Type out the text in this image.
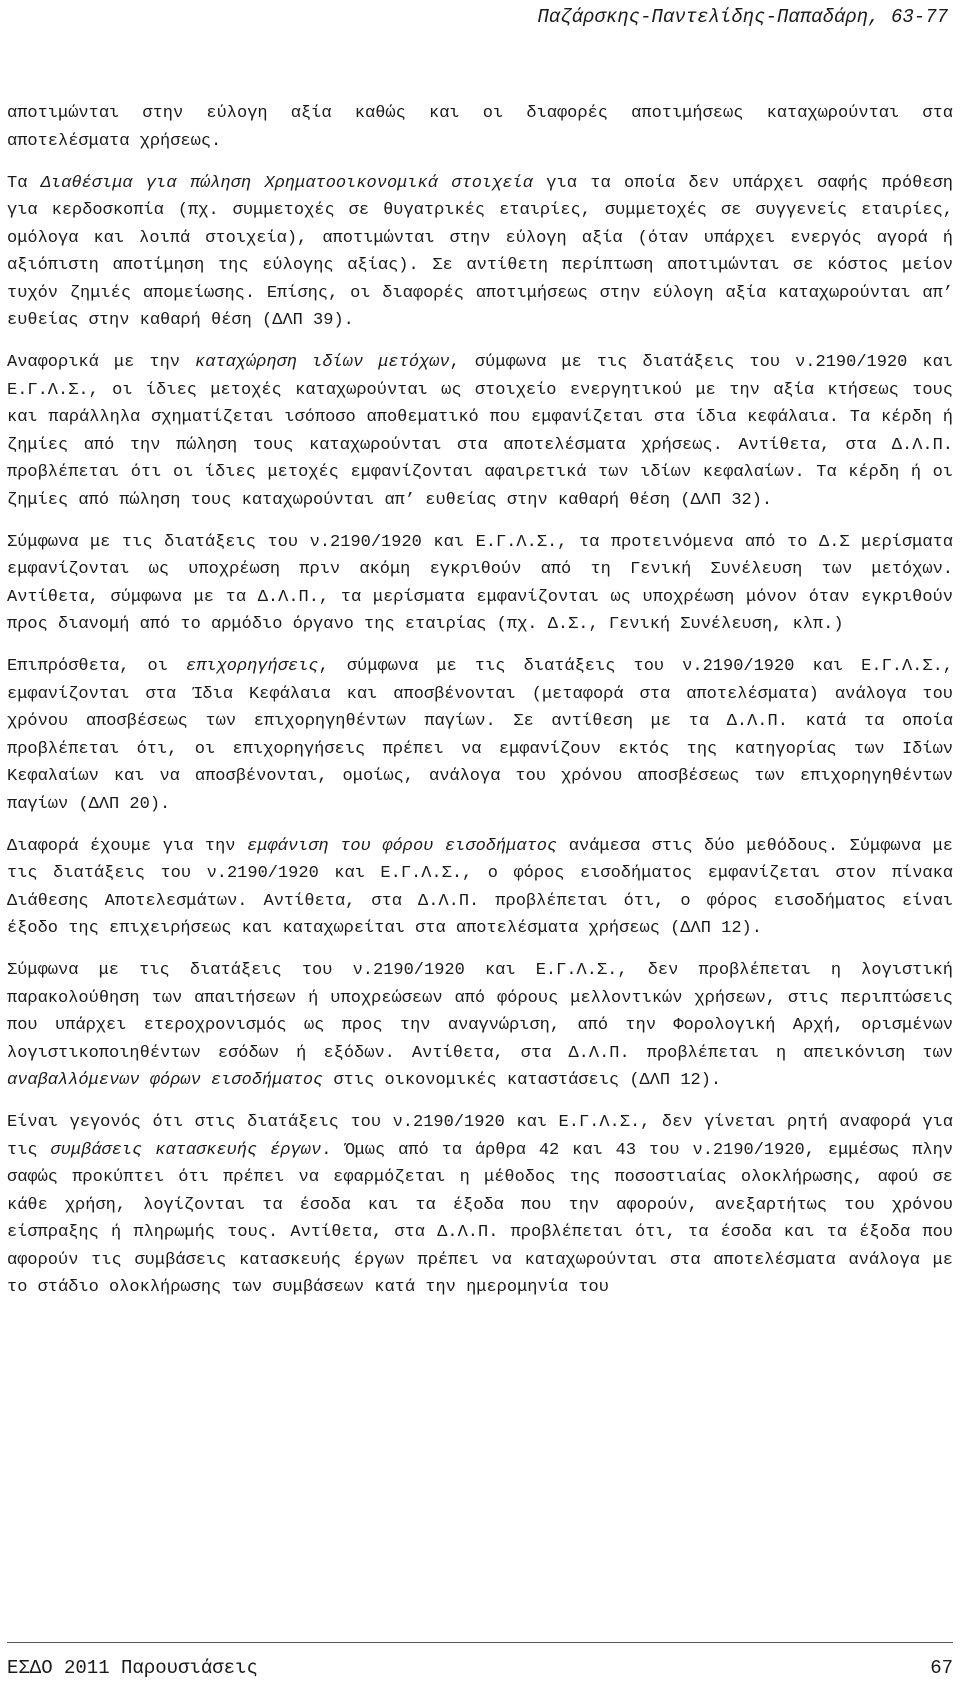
Παζάρσκης-Παντελίδης-Παπαδάρη, 63-77

αποτιμώνται στην εύλογη αξία καθώς και οι διαφορές αποτιμήσεως καταχωρούνται στα αποτελέσματα χρήσεως.

Τα Διαθέσιμα για πώληση Χρηματοοικονομικά στοιχεία για τα οποία δεν υπάρχει σαφής πρόθεση για κερδοσκοπία (πχ. συμμετοχές σε θυγατρικές εταιρίες, συμμετοχές σε συγγενείς εταιρίες, ομόλογα και λοιπά στοιχεία), αποτιμώνται στην εύλογη αξία (όταν υπάρχει ενεργός αγορά ή αξιόπιστη αποτίμηση της εύλογης αξίας). Σε αντίθετη περίπτωση αποτιμώνται σε κόστος μείον τυχόν ζημιές απομείωσης. Επίσης, οι διαφορές αποτιμήσεως στην εύλογη αξία καταχωρούνται απ’ ευθείας στην καθαρή θέση (ΔΛΠ 39).

Αναφορικά με την καταχώρηση ιδίων μετόχων, σύμφωνα με τις διατάξεις του ν.2190/1920 και Ε.Γ.Λ.Σ., οι ίδιες μετοχές καταχωρούνται ως στοιχείο ενεργητικού με την αξία κτήσεως τους και παράλληλα σχηματίζεται ισόποσο αποθεματικό που εμφανίζεται στα ίδια κεφάλαια. Τα κέρδη ή ζημίες από την πώληση τους καταχωρούνται στα αποτελέσματα χρήσεως. Αντίθετα, στα Δ.Λ.Π. προβλέπεται ότι οι ίδιες μετοχές εμφανίζονται αφαιρετικά των ιδίων κεφαλαίων. Τα κέρδη ή οι ζημίες από πώληση τους καταχωρούνται απ’ ευθείας στην καθαρή θέση (ΔΛΠ 32).

Σύμφωνα με τις διατάξεις του ν.2190/1920 και Ε.Γ.Λ.Σ., τα προτεινόμενα από το Δ.Σ μερίσματα εμφανίζονται ως υποχρέωση πριν ακόμη εγκριθούν από τη Γενική Συνέλευση των μετόχων. Αντίθετα, σύμφωνα με τα Δ.Λ.Π., τα μερίσματα εμφανίζονται ως υποχρέωση μόνον όταν εγκριθούν προς διανομή από το αρμόδιο όργανο της εταιρίας (πχ. Δ.Σ., Γενική Συνέλευση, κλπ.)

Επιπρόσθετα, οι επιχορηγήσεις, σύμφωνα με τις διατάξεις του ν.2190/1920 και Ε.Γ.Λ.Σ., εμφανίζονται στα Ίδια Κεφάλαια και αποσβένονται (μεταφορά στα αποτελέσματα) ανάλογα του χρόνου αποσβέσεως των επιχορηγηθέντων παγίων. Σε αντίθεση με τα Δ.Λ.Π. κατά τα οποία προβλέπεται ότι, οι επιχορηγήσεις πρέπει να εμφανίζουν εκτός της κατηγορίας των Ιδίων Κεφαλαίων και να αποσβένονται, ομοίως, ανάλογα του χρόνου αποσβέσεως των επιχορηγηθέντων παγίων (ΔΛΠ 20).

Διαφορά έχουμε για την εμφάνιση του φόρου εισοδήματος ανάμεσα στις δύο μεθόδους. Σύμφωνα με τις διατάξεις του ν.2190/1920 και Ε.Γ.Λ.Σ., ο φόρος εισοδήματος εμφανίζεται στον πίνακα Διάθεσης Αποτελεσμάτων. Αντίθετα, στα Δ.Λ.Π. προβλέπεται ότι, ο φόρος εισοδήματος είναι έξοδο της επιχειρήσεως και καταχωρείται στα αποτελέσματα χρήσεως (ΔΛΠ 12).

Σύμφωνα με τις διατάξεις του ν.2190/1920 και Ε.Γ.Λ.Σ., δεν προβλέπεται η λογιστική παρακολούθηση των απαιτήσεων ή υποχρεώσεων από φόρους μελλοντικών χρήσεων, στις περιπτώσεις που υπάρχει ετεροχρονισμός ως προς την αναγνώριση, από την Φορολογική Αρχή, ορισμένων λογιστικοποιηθέντων εσόδων ή εξόδων. Αντίθετα, στα Δ.Λ.Π. προβλέπεται η απεικόνιση των αναβαλλόμενων φόρων εισοδήματος στις οικονομικές καταστάσεις (ΔΛΠ 12).

Είναι γεγονός ότι στις διατάξεις του ν.2190/1920 και Ε.Γ.Λ.Σ., δεν γίνεται ρητή αναφορά για τις συμβάσεις κατασκευής έργων. Όμως από τα άρθρα 42 και 43 του ν.2190/1920, εμμέσως πλην σαφώς προκύπτει ότι πρέπει να εφαρμόζεται η μέθοδος της ποσοστιαίας ολοκλήρωσης, αφού σε κάθε χρήση, λογίζονται τα έσοδα και τα έξοδα που την αφορούν, ανεξαρτήτως του χρόνου είσπραξης ή πληρωμής τους. Αντίθετα, στα Δ.Λ.Π. προβλέπεται ότι, τα έσοδα και τα έξοδα που αφορούν τις συμβάσεις κατασκευής έργων πρέπει να καταχωρούνται στα αποτελέσματα ανάλογα με το στάδιο ολοκλήρωσης των συμβάσεων κατά την ημερομηνία του

ΕΣΔΟ 2011 Παρουσιάσεις	67
